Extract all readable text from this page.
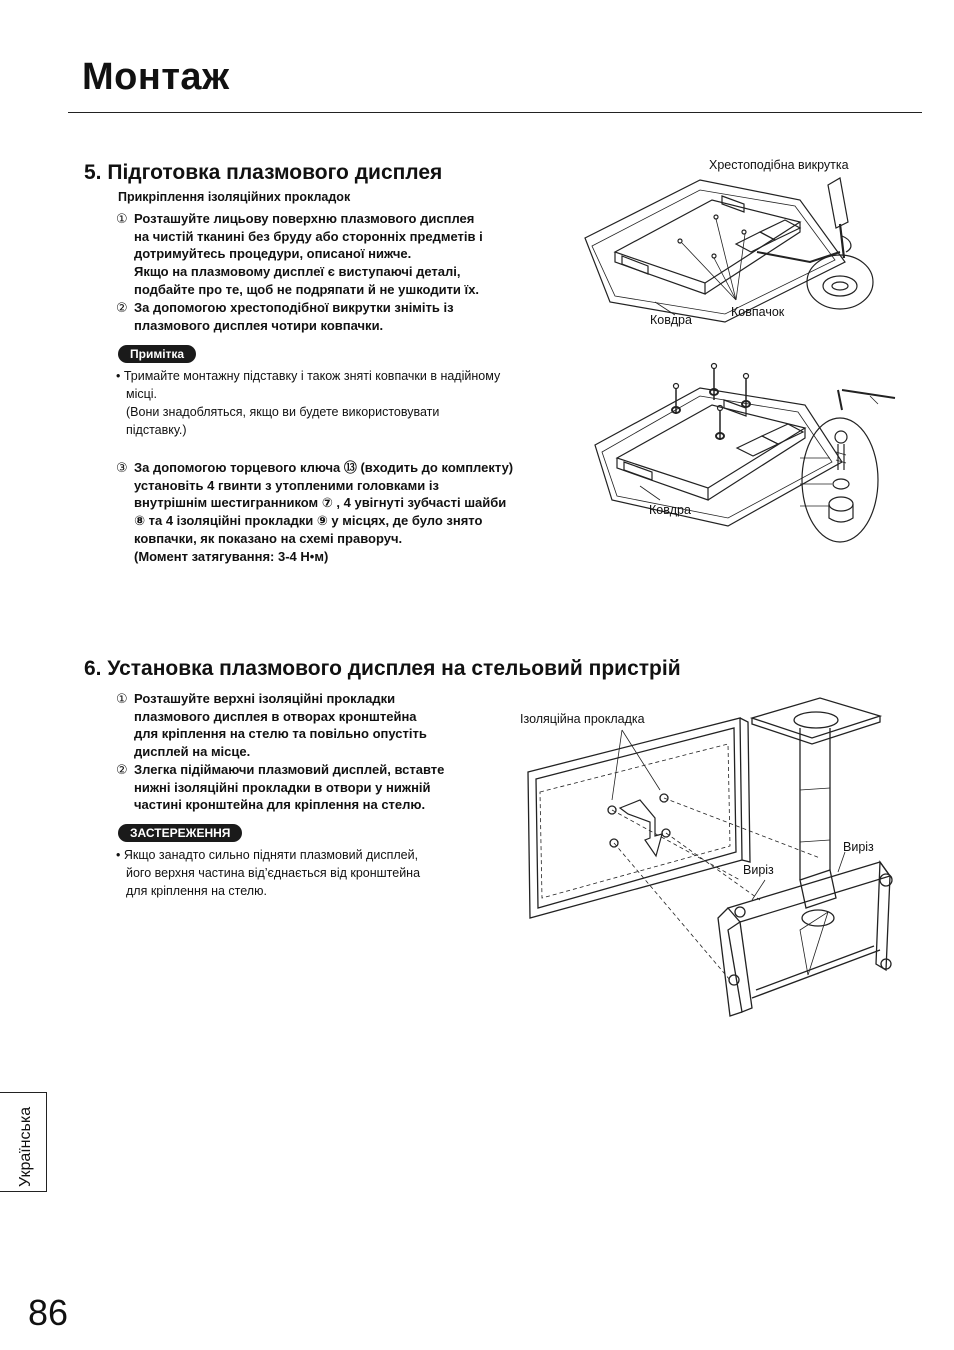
Монтаж
5. Підготовка плазмового дисплея
Прикріплення ізоляційних прокладок
① Розташуйте лицьову поверхню плазмового дисплея
на чистій тканині без бруду або сторонніх предметів і
дотримуйтесь процедури, описаної нижче.
Якщо на плазмовому дисплеї є виступаючі деталі,
подбайте про те, щоб не подряпати й не ушкодити їх.
② За допомогою хрестоподібної викрутки зніміть із
плазмового дисплея чотири ковпачки.
Примітка
• Тримайте монтажну підставку і також зняті ковпачки в надійному
місці.
(Вони знадобляться, якщо ви будете використовувати
підставку.)
③ За допомогою торцевого ключа ⑬ (входить до комплекту)
установіть 4 гвинти з утопленими головками із
внутрішнім шестигранником ⑦ , 4 увігнуті зубчасті шайби
⑧ та 4 ізоляційні прокладки ⑨ у місцях, де було знято
ковпачки, як показано на схемі праворуч.
(Момент затягування: 3-4 Н•м)
Хрестоподібна викрутка
Ковдра
Ковпачок
Ковдра
6. Установка плазмового дисплея на стельовий пристрій
① Розташуйте верхні ізоляційні прокладки
плазмового дисплея в отворах кронштейна
для кріплення на стелю та повільно опустіть
дисплей на місце.
② Злегка підіймаючи плазмовий дисплей, вставте
нижні ізоляційні прокладки в отвори у нижній
частині кронштейна для кріплення на стелю.
ЗАСТЕРЕЖЕННЯ
• Якщо занадто сильно підняти плазмовий дисплей,
його верхня частина від’єднається від кронштейна
для кріплення на стелю.
Ізоляційна прокладка
Виріз
Виріз
Українська
86
